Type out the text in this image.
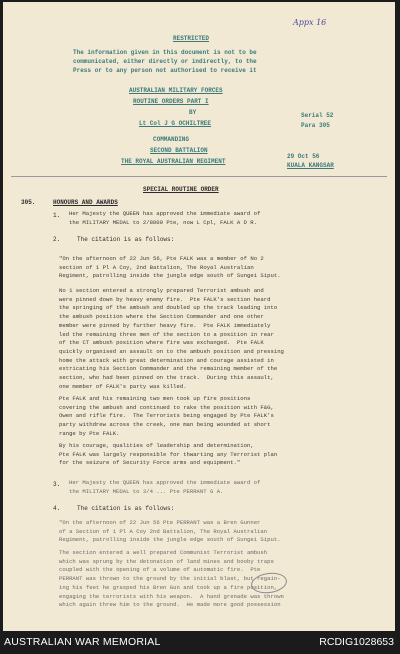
Appx 16
RESTRICTED
The information given in this document is not to be
communicated, either directly or indirectly, to the
Press or to any person not authorised to receive it
AUSTRALIAN MILITARY FORCES
ROUTINE ORDERS PART I
BY
Lt Col J G OCHILTREE
COMMANDING
SECOND BATTALION
THE ROYAL AUSTRALIAN REGIMENT
Serial 52
Para 305
29 Oct 56
KUALA KANGSAR
SPECIAL ROUTINE ORDER
305.	HONOURS AND AWARDS
1. Her Majesty the QUEEN has approved the immediate award of
the MILITARY MEDAL to 2/8800 Pte, now L Cpl, FALK A D R.
2.	The citation is as follows:
"On the afternoon of 22 Jun 56, Pte FALK was a member of No 2
section of 1 Pl A Coy, 2nd Battalion, The Royal Australian
Regiment, patrolling inside the jungle edge south of Sungei Siput.
No 1 section entered a strongly prepared Terrorist ambush and
were pinned down by heavy enemy fire.  Pte FALK's section heard
the springing of the ambush and doubled up the track leading into
the ambush position where the Section Commander and one other
member were pinned by further heavy fire.  Pte FALK immediately
led the remaining three men of the section to a position in rear
of the CT ambush position where fire was exchanged.  Pte FALK
quickly organised an assault on to the ambush position and pressing
home the attack with great determination and courage assisted in
extricating his Section Commander and the remaining member of the
section, who had been pinned on the track.  During this assault,
one member of FALK's party was killed.
Pte FALK and his remaining two men took up fire positions
covering the ambush and continued to rake the position with F&G,
Owen and rifle fire.  The Terrorists being engaged by Pte FALK's
party withdrew across the creek, one man being wounded at short
range by Pte FALK.
By his courage, qualities of leadership and determination,
Pte FALK was largely responsible for thwarting any Terrorist plan
for the seizure of Security Force arms and equipment."
3. Her Majesty the QUEEN has approved the immediate award of
the MILITARY MEDAL to 3/4 ... Pte PERRANT G A.
4.	The citation is as follows:
"On the afternoon of 22 Jun 56 Pte PERRANT was a Bren Gunner
of a Section of 1 Pl A Coy 2nd Battalion, The Royal Australian
Regiment, patrolling inside the jungle edge south of Sungei Siput.
The section entered a well prepared Communist Terrorist ambush
which was sprung by the detonation of land mines and booby traps
coupled with the opening of a volume of automatic fire.  Pte
PERRANT was thrown to the ground by the initial blast, but regain-
ing his feet he grasped his Bren Gun and took up a fire position,
engaging the terrorists with his weapon.  A hand grenade was thrown
which again threw him to the ground.  He made more good possession
AUSTRALIAN WAR MEMORIAL	RCDIG1028653
